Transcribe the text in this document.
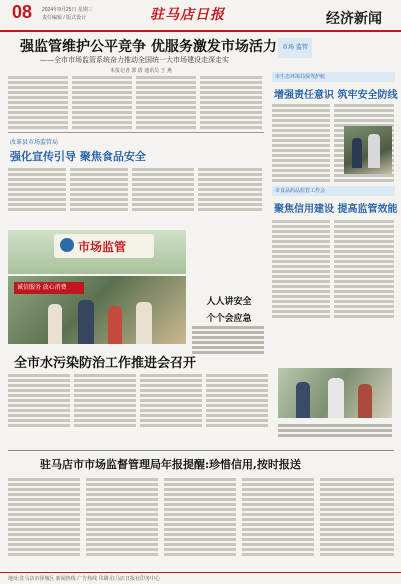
08 2024年9月25日 星期三
责任编辑 / 版式设计	驻马店日报	经济新闻
强监管维护公平竞争 优服务激发市场活力
——全市市场监管系统奋力推动全国统一大市场建设走深走实
本报记者 郭 倩 通讯员 王 燕
市场 监管
市生态环境局保驾护航
增强责任意识 筑牢安全防线
改革县市场监管局
强化宣传引导 聚焦食品安全
市食品药品监管工作会
聚焦信用建设 提高监管效能
市场监管
诚信服务 放心消费
人人讲安全
个个会应急
全市水污染防治工作推进会召开
驻马店市市场监督管理局年报提醒:珍惜信用,按时报送
地址:驻马店市驿城区 新闻热线 广告热线 印刷:驻马店日报社印务中心
